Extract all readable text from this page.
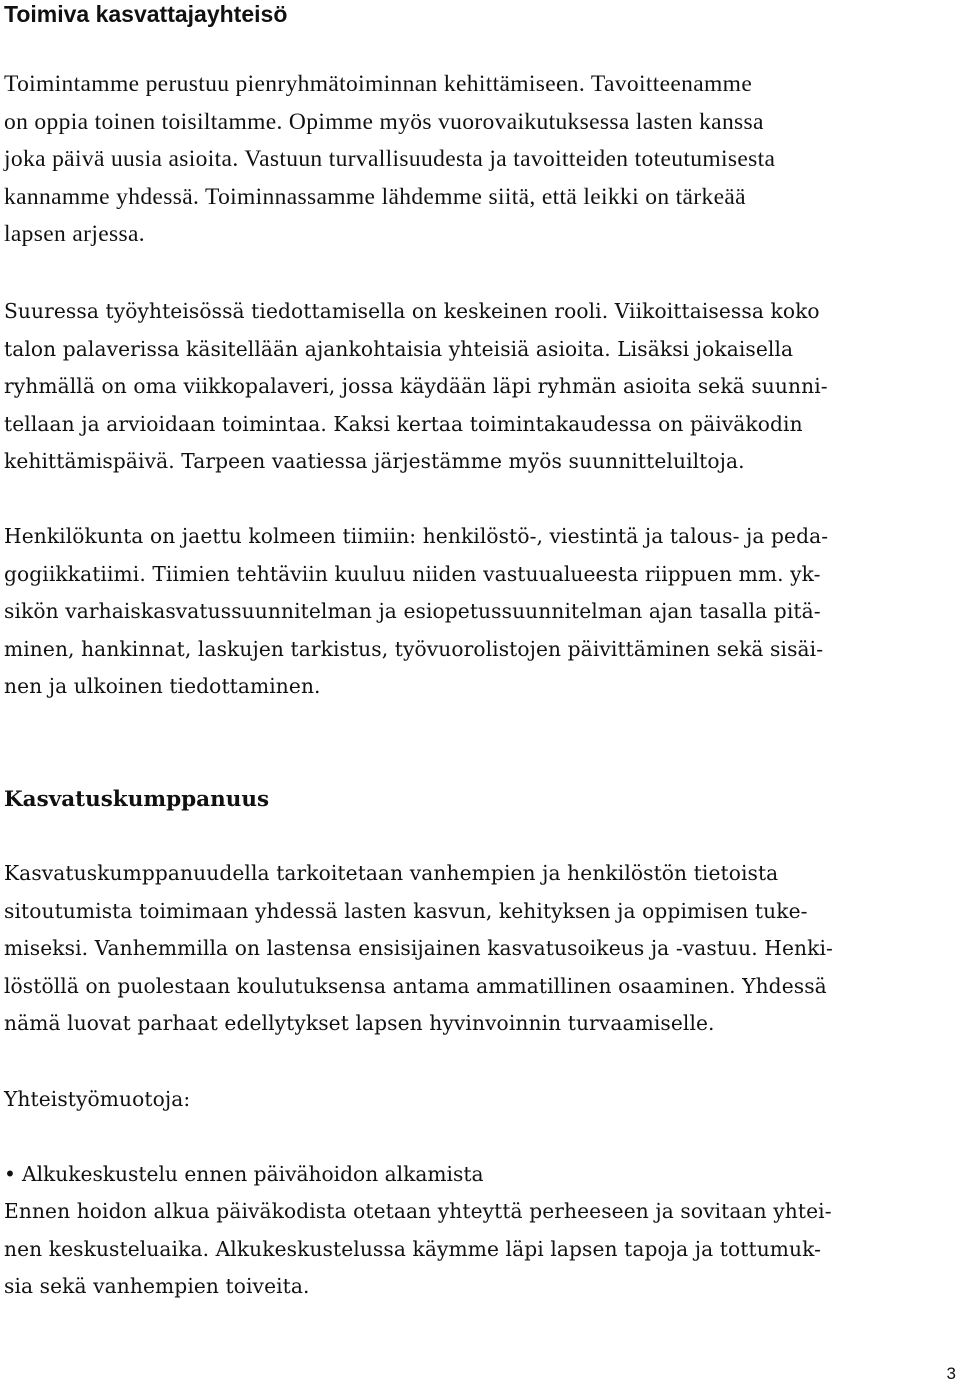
Toimiva kasvattajayhteisö

Toimintamme perustuu pienryhmätoiminnan kehittämiseen. Tavoitteenamme
on oppia toinen toisiltamme. Opimme myös vuorovaikutuksessa lasten kanssa
joka päivä uusia asioita. Vastuun turvallisuudesta ja tavoitteiden toteutumisesta
kannamme yhdessä. Toiminnassamme lähdemme siitä, että leikki on tärkeää
lapsen arjessa.

Suuressa työyhteisössä tiedottamisella on keskeinen rooli. Viikoittaisessa koko
talon palaverissa käsitellään ajankohtaisia yhteisiä asioita. Lisäksi jokaisella
ryhmällä on oma viikkopalaveri, jossa käydään läpi ryhmän asioita sekä suunni-
tellaan ja arvioidaan toimintaa. Kaksi kertaa toimintakaudessa on päiväkodin
kehittämispäivä. Tarpeen vaatiessa järjestämme myös suunnitteluiltoja.

Henkilökunta on jaettu kolmeen tiimiin: henkilöstö-, viestintä ja talous- ja peda-
gogiikkatiimi. Tiimien tehtäviin kuuluu niiden vastuualueesta riippuen mm. yk-
sikön varhaiskasvatussuunnitelman ja esiopetussuunnitelman ajan tasalla pitä-
minen, hankinnat, laskujen tarkistus, työvuorolistojen päivittäminen sekä sisäi-
nen ja ulkoinen tiedottaminen.

Kasvatuskumppanuus

Kasvatuskumppanuudella tarkoitetaan vanhempien ja henkilöstön tietoista
sitoutumista toimimaan yhdessä lasten kasvun, kehityksen ja oppimisen tuke-
miseksi. Vanhemmilla on lastensa ensisijainen kasvatusoikeus ja -vastuu. Henki-
löstöllä on puolestaan koulutuksensa antama ammatillinen osaaminen. Yhdessä
nämä luovat parhaat edellytykset lapsen hyvinvoinnin turvaamiselle.

Yhteistyömuotoja:

• Alkukeskustelu ennen päivähoidon alkamista

Ennen hoidon alkua päiväkodista otetaan yhteyttä perheeseen ja sovitaan yhtei-
nen keskusteluaika. Alkukeskustelussa käymme läpi lapsen tapoja ja tottumuk-
sia sekä vanhempien toiveita.

3
